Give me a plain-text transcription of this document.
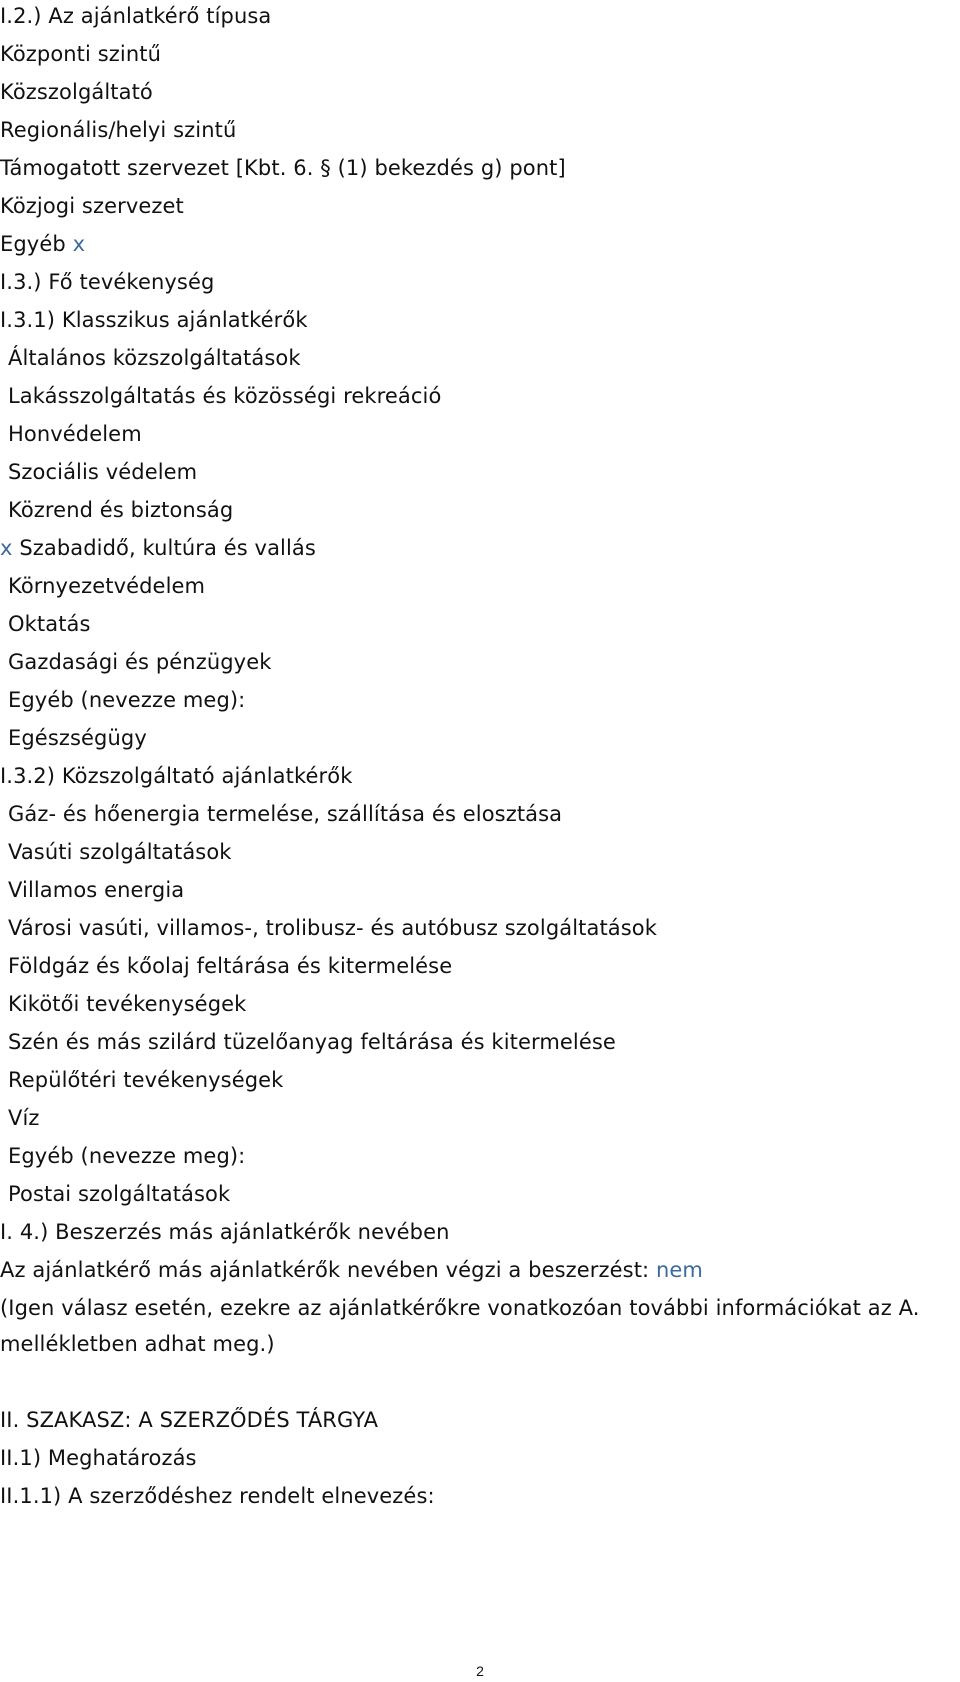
I.2.) Az ajánlatkérő típusa
Központi szintű
Közszolgáltató
Regionális/helyi szintű
Támogatott szervezet [Kbt. 6. § (1) bekezdés g) pont]
Közjogi szervezet
Egyéb x
I.3.) Fő tevékenység
I.3.1) Klasszikus ajánlatkérők
Általános közszolgáltatások
Lakásszolgáltatás és közösségi rekreáció
Honvédelem
Szociális védelem
Közrend és biztonság
x Szabadidő, kultúra és vallás
Környezetvédelem
Oktatás
Gazdasági és pénzügyek
Egyéb (nevezze meg):
Egészségügy
I.3.2) Közszolgáltató ajánlatkérők
Gáz- és hőenergia termelése, szállítása és elosztása
Vasúti szolgáltatások
Villamos energia
Városi vasúti, villamos-, trolibusz- és autóbusz szolgáltatások
Földgáz és kőolaj feltárása és kitermelése
Kikötői tevékenységek
Szén és más szilárd tüzelőanyag feltárása és kitermelése
Repülőtéri tevékenységek
Víz
Egyéb (nevezze meg):
Postai szolgáltatások
I. 4.) Beszerzés más ajánlatkérők nevében
Az ajánlatkérő más ajánlatkérők nevében végzi a beszerzést: nem
(Igen válasz esetén, ezekre az ajánlatkérőkre vonatkozóan további információkat az A.
mellékletben adhat meg.)
II. SZAKASZ: A SZERZŐDÉS TÁRGYA
II.1) Meghatározás
II.1.1) A szerződéshez rendelt elnevezés:
2
